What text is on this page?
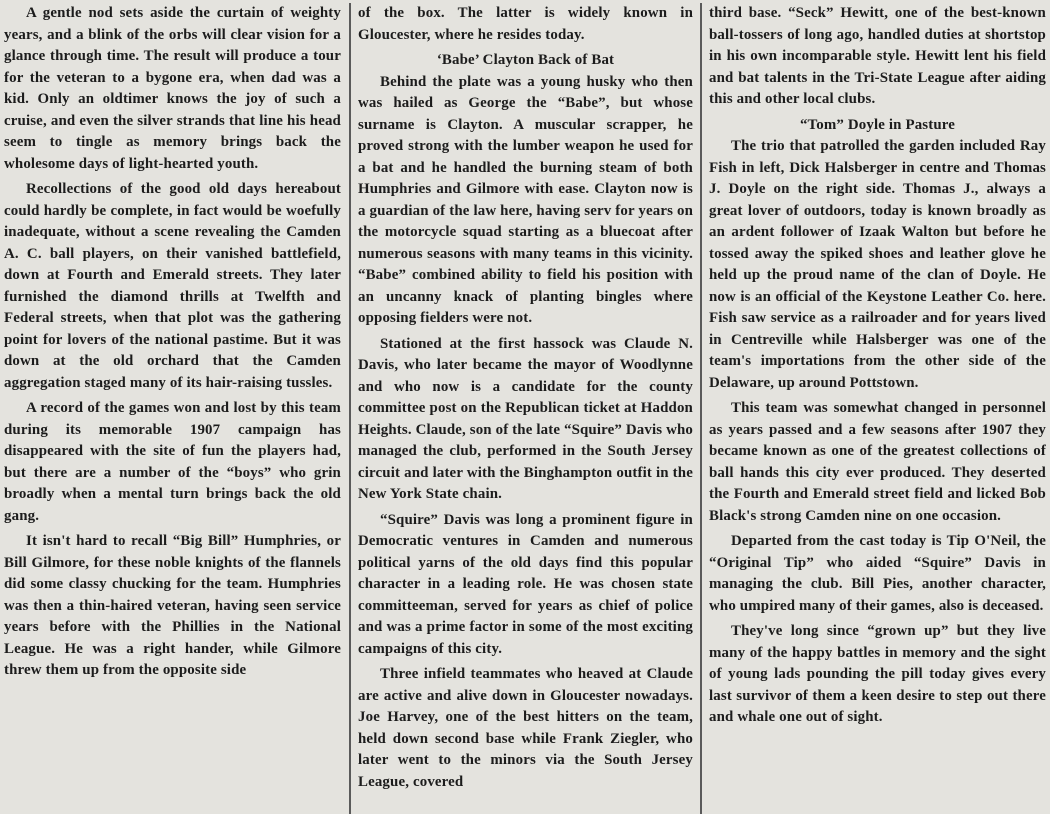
A gentle nod sets aside the curtain of weighty years, and a blink of the orbs will clear vision for a glance through time. The result will produce a tour for the veteran to a bygone era, when dad was a kid. Only an oldtimer knows the joy of such a cruise, and even the silver strands that line his head seem to tingle as memory brings back the wholesome days of light-hearted youth.

Recollections of the good old days hereabout could hardly be complete, in fact would be woefully inadequate, without a scene revealing the Camden A. C. ball players, on their vanished battlefield, down at Fourth and Emerald streets. They later furnished the diamond thrills at Twelfth and Federal streets, when that plot was the gathering point for lovers of the national pastime. But it was down at the old orchard that the Camden aggregation staged many of its hair-raising tussles.

A record of the games won and lost by this team during its memorable 1907 campaign has disappeared with the site of fun the players had, but there are a number of the “boys” who grin broadly when a mental turn brings back the old gang.

It isn't hard to recall “Big Bill” Humphries, or Bill Gilmore, for these noble knights of the flannels did some classy chucking for the team. Humphries was then a thin-haired veteran, having seen service years before with the Phillies in the National League. He was a right hander, while Gilmore threw them up from the opposite side

of the box. The latter is widely known in Gloucester, where he resides today.

‘Babe’ Clayton Back of Bat

Behind the plate was a young husky who then was hailed as George the “Babe”, but whose surname is Clayton. A muscular scrapper, he proved strong with the lumber weapon he used for a bat and he handled the burning steam of both Humphries and Gilmore with ease. Clayton now is a guardian of the law here, having serv for years on the motorcycle squad starting as a bluecoat after numerous seasons with many teams in this vicinity. “Babe” combined ability to field his position with an uncanny knack of planting bingles where opposing fielders were not.

Stationed at the first hassock was Claude N. Davis, who later became the mayor of Woodlynne and who now is a candidate for the county committee post on the Republican ticket at Haddon Heights. Claude, son of the late “Squire” Davis who managed the club, performed in the South Jersey circuit and later with the Binghampton outfit in the New York State chain.

“Squire” Davis was long a prominent figure in Democratic ventures in Camden and numerous political yarns of the old days find this popular character in a leading role. He was chosen state committeeman, served for years as chief of police and was a prime factor in some of the most exciting campaigns of this city.

Three infield teammates who heaved at Claude are active and alive down in Gloucester nowadays. Joe Harvey, one of the best hitters on the team, held down second base while Frank Ziegler, who later went to the minors via the South Jersey League, covered

third base. “Seck” Hewitt, one of the best-known ball-tossers of long ago, handled duties at shortstop in his own incomparable style. Hewitt lent his field and bat talents in the Tri-State League after aiding this and other local clubs.

“Tom” Doyle in Pasture

The trio that patrolled the garden included Ray Fish in left, Dick Halsberger in centre and Thomas J. Doyle on the right side. Thomas J., always a great lover of outdoors, today is known broadly as an ardent follower of Izaak Walton but before he tossed away the spiked shoes and leather glove he held up the proud name of the clan of Doyle. He now is an official of the Keystone Leather Co. here. Fish saw service as a railroader and for years lived in Centreville while Halsberger was one of the team's importations from the other side of the Delaware, up around Pottstown.

This team was somewhat changed in personnel as years passed and a few seasons after 1907 they became known as one of the greatest collections of ball hands this city ever produced. They deserted the Fourth and Emerald street field and licked Bob Black's strong Camden nine on one occasion.

Departed from the cast today is Tip O'Neil, the “Original Tip” who aided “Squire” Davis in managing the club. Bill Pies, another character, who umpired many of their games, also is deceased.

They've long since “grown up” but they live many of the happy battles in memory and the sight of young lads pounding the pill today gives every last survivor of them a keen desire to step out there and whale one out of sight.
